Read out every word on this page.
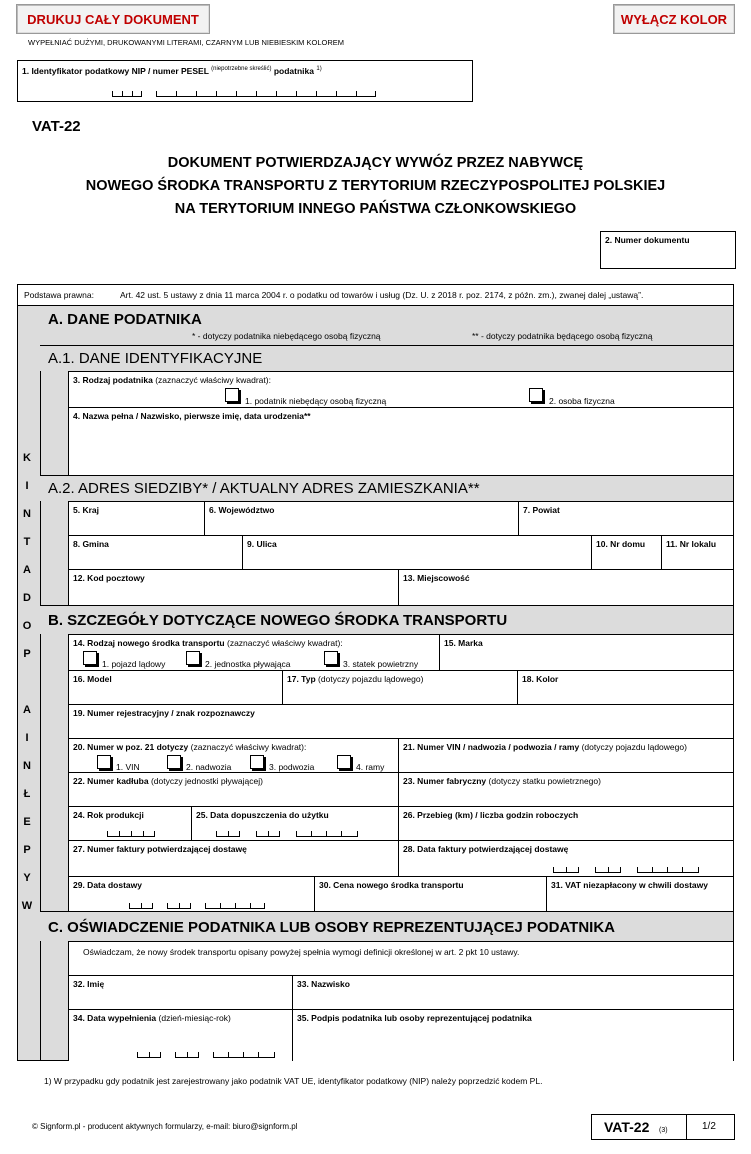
DRUKUJ CAŁY DOKUMENT	WYŁĄCZ KOLOR
WYPEŁNIAĆ DUŻYMI, DRUKOWANYMI LITERAMI, CZARNYM LUB NIEBIESKIM KOLOREM
1. Identyfikator podatkowy NIP / numer PESEL $^{(niepotrzebne skreślić)}$ podatnika $^{1)}$
VAT-22
DOKUMENT POTWIERDZAJĄCY WYWÓZ PRZEZ NABYWCĘ
NOWEGO ŚRODKA TRANSPORTU Z TERYTORIUM RZECZYPOSPOLITEJ POLSKIEJ
NA TERYTORIUM INNEGO PAŃSTWA CZŁONKOWSKIEGO
2. Numer dokumentu
Podstawa prawna:	Art. 42 ust. 5 ustawy z dnia 11 marca 2004 r. o podatku od towarów i usług (Dz. U. z 2018 r. poz. 2174, z późn. zm.), zwanej dalej „ustawą”.
W
Y
P
E
Ł
N
I
A
P
O
D
A
T
N
I
K
A. DANE PODATNIKA
* - dotyczy podatnika niebędącego osobą fizyczną	** - dotyczy podatnika będącego osobą fizyczną
A.1. DANE IDENTYFIKACYJNE
3. Rodzaj podatnika (zaznaczyć właściwy kwadrat):
1. podatnik niebędący osobą fizyczną	2. osoba fizyczna
4. Nazwa pełna / Nazwisko, pierwsze imię, data urodzenia**
A.2. ADRES SIEDZIBY* / AKTUALNY ADRES ZAMIESZKANIA**
5. Kraj	6. Województwo	7. Powiat
8. Gmina	9. Ulica	10. Nr domu 11. Nr lokalu
12. Kod pocztowy	13. Miejscowość
B. SZCZEGÓŁY DOTYCZĄCE NOWEGO ŚRODKA TRANSPORTU
14. Rodzaj nowego środka transportu (zaznaczyć właściwy kwadrat):
1. pojazd lądowy	2. jednostka pływająca	3. statek powietrzny
15. Marka
16. Model	17. Typ (dotyczy pojazdu lądowego)	18. Kolor
19. Numer rejestracyjny / znak rozpoznawczy
20. Numer w poz. 21 dotyczy (zaznaczyć właściwy kwadrat):
1. VIN	2. nadwozia	3. podwozia	4. ramy
21. Numer VIN / nadwozia / podwozia / ramy (dotyczy pojazdu lądowego)
22. Numer kadłuba (dotyczy jednostki pływającej)	23. Numer fabryczny (dotyczy statku powietrznego)
24. Rok produkcji	25. Data dopuszczenia do użytku	26. Przebieg (km) / liczba godzin roboczych
27. Numer faktury potwierdzającej dostawę	28. Data faktury potwierdzającej dostawę
29. Data dostawy	30. Cena nowego środka transportu	31. VAT niezapłacony w chwili dostawy
C. OŚWIADCZENIE PODATNIKA LUB OSOBY REPREZENTUJĄCEJ PODATNIKA
Oświadczam, że nowy środek transportu opisany powyżej spełnia wymogi definicji określonej w art. 2 pkt 10 ustawy.
32. Imię	33. Nazwisko
34. Data wypełnienia (dzień-miesiąc-rok)	35. Podpis podatnika lub osoby reprezentującej podatnika
1) W przypadku gdy podatnik jest zarejestrowany jako podatnik VAT UE, identyfikator podatkowy (NIP) należy poprzedzić kodem PL.
© Signform.pl - producent aktywnych formularzy, e-mail: biuro@signform.pl	VAT-22 (3)	1/2
